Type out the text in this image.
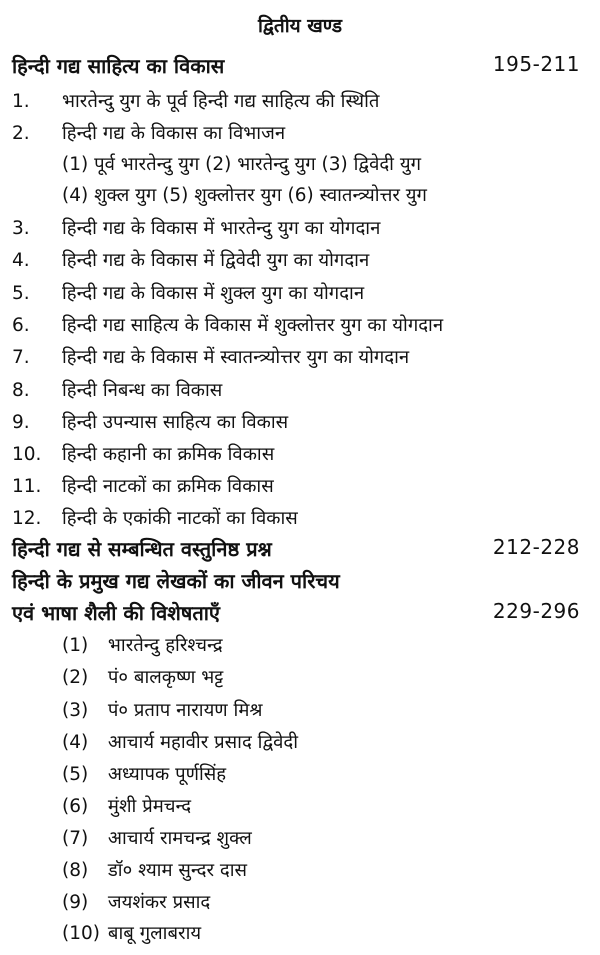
द्वितीय खण्ड
हिन्दी गद्य साहित्य का विकास	195-211
1. भारतेन्दु युग के पूर्व हिन्दी गद्य साहित्य की स्थिति
2. हिन्दी गद्य के विकास का विभाजन
(1) पूर्व भारतेन्दु युग (2) भारतेन्दु युग (3) द्विवेदी युग
(4) शुक्ल युग (5) शुक्लोत्तर युग (6) स्वातन्त्र्योत्तर युग
3. हिन्दी गद्य के विकास में भारतेन्दु युग का योगदान
4. हिन्दी गद्य के विकास में द्विवेदी युग का योगदान
5. हिन्दी गद्य के विकास में शुक्ल युग का योगदान
6. हिन्दी गद्य साहित्य के विकास में शुक्लोत्तर युग का योगदान
7. हिन्दी गद्य के विकास में स्वातन्त्र्योत्तर युग का योगदान
8. हिन्दी निबन्ध का विकास
9. हिन्दी उपन्यास साहित्य का विकास
10. हिन्दी कहानी का क्रमिक विकास
11. हिन्दी नाटकों का क्रमिक विकास
12. हिन्दी के एकांकी नाटकों का विकास
हिन्दी गद्य से सम्बन्धित वस्तुनिष्ठ प्रश्न	212-228
हिन्दी के प्रमुख गद्य लेखकों का जीवन परिचय
एवं भाषा शैली की विशेषताएँ	229-296
(1) भारतेन्दु हरिश्चन्द्र
(2) पं० बालकृष्ण भट्ट
(3) पं० प्रताप नारायण मिश्र
(4) आचार्य महावीर प्रसाद द्विवेदी
(5) अध्यापक पूर्णसिंह
(6) मुंशी प्रेमचन्द
(7) आचार्य रामचन्द्र शुक्ल
(8) डॉ० श्याम सुन्दर दास
(9) जयशंकर प्रसाद
(10) बाबू गुलाबराय
